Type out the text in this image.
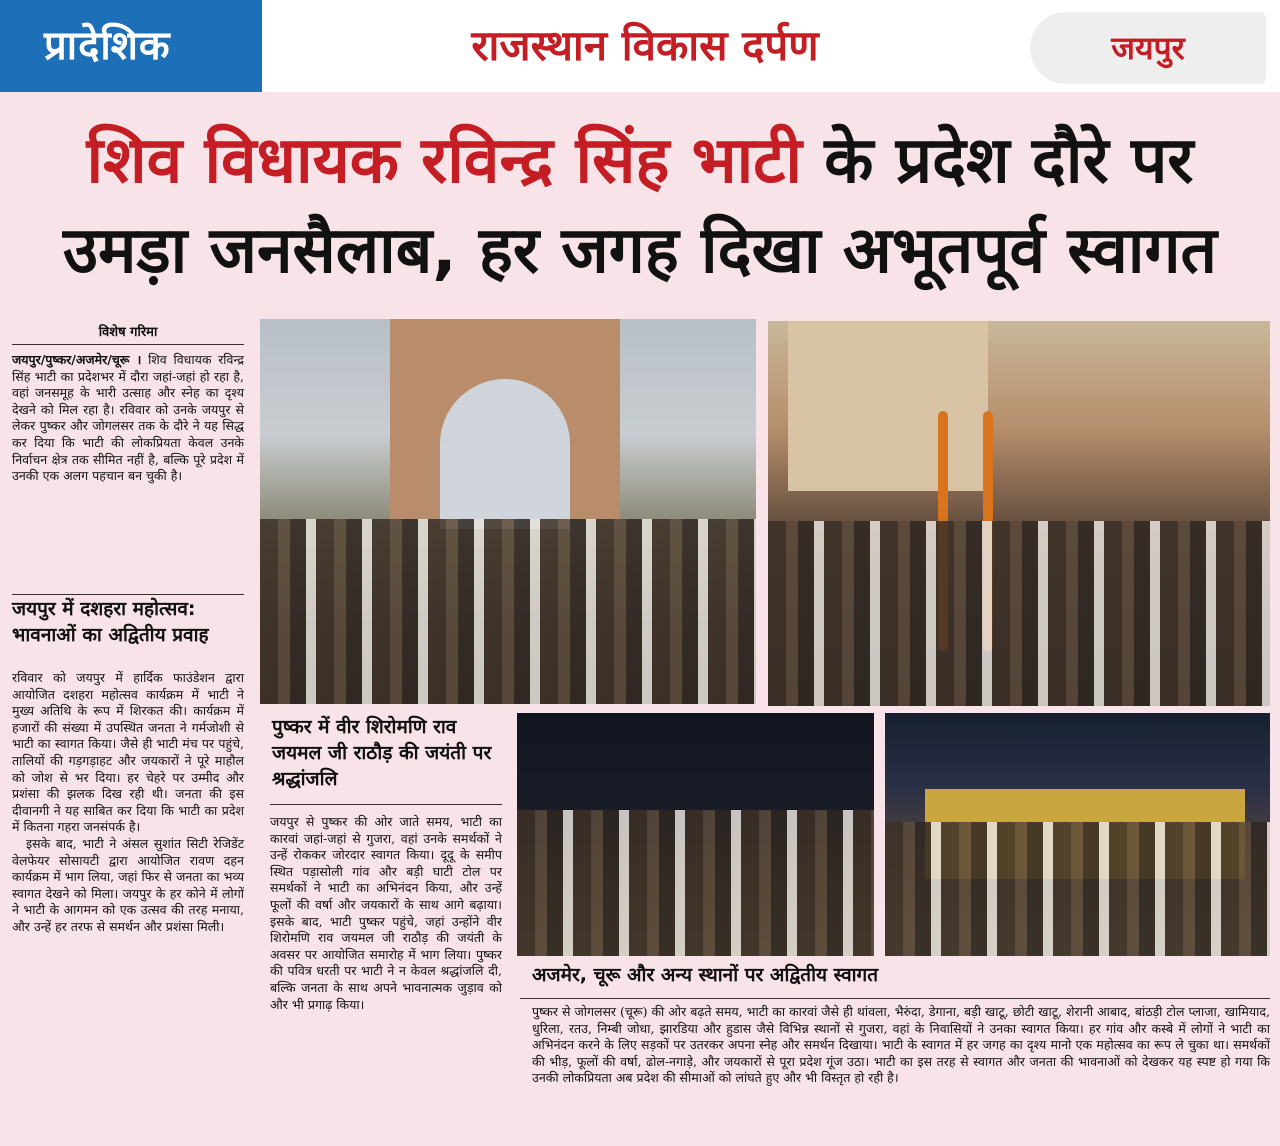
प्रादेशिक	राजस्थान विकास दर्पण	जयपुर
शिव विधायक रविन्द्र सिंह भाटी के प्रदेश दौरे पर
उमड़ा जनसैलाब, हर जगह दिखा अभूतपूर्व स्वागत
विशेष गरिमा

जयपुर/पुष्कर/अजमेर/चूरू । शिव विधायक रविन्द्र सिंह भाटी का प्रदेशभर में दौरा जहां-जहां हो रहा है, वहां जनसमूह के भारी उत्साह और स्नेह का दृश्य देखने को मिल रहा है। रविवार को उनके जयपुर से लेकर पुष्कर और जोगलसर तक के दौरे ने यह सिद्ध कर दिया कि भाटी की लोकप्रियता केवल उनके निर्वाचन क्षेत्र तक सीमित नहीं है, बल्कि पूरे प्रदेश में उनकी एक अलग पहचान बन चुकी है।

जयपुर में दशहरा महोत्सव: भावनाओं का अद्वितीय प्रवाह

रविवार को जयपुर में हार्दिक फाउंडेशन द्वारा आयोजित दशहरा महोत्सव कार्यक्रम में भाटी ने मुख्य अतिथि के रूप में शिरकत की। कार्यक्रम में हजारों की संख्या में उपस्थित जनता ने गर्मजोशी से भाटी का स्वागत किया। जैसे ही भाटी मंच पर पहुंचे, तालियों की गड़गड़ाहट और जयकारों ने पूरे माहौल को जोश से भर दिया। हर चेहरे पर उम्मीद और प्रशंसा की झलक दिख रही थी। जनता की इस दीवानगी ने यह साबित कर दिया कि भाटी का प्रदेश में कितना गहरा जनसंपर्क है।

इसके बाद, भाटी ने अंसल सुशांत सिटी रेजिडेंट वेलफेयर सोसायटी द्वारा आयोजित रावण दहन कार्यक्रम में भाग लिया, जहां फिर से जनता का भव्य स्वागत देखने को मिला। जयपुर के हर कोने में लोगों ने भाटी के आगमन को एक उत्सव की तरह मनाया, और उन्हें हर तरफ से समर्थन और प्रशंसा मिली।

पुष्कर में वीर शिरोमणि राव जयमल जी राठौड़ की जयंती पर श्रद्धांजलि

जयपुर से पुष्कर की ओर जाते समय, भाटी का कारवां जहां-जहां से गुजरा, वहां उनके समर्थकों ने उन्हें रोककर जोरदार स्वागत किया। दूदू के समीप स्थित पड़ासोली गांव और बड़ी घाटी टोल पर समर्थकों ने भाटी का अभिनंदन किया, और उन्हें फूलों की वर्षा और जयकारों के साथ आगे बढ़ाया। इसके बाद, भाटी पुष्कर पहुंचे, जहां उन्होंने वीर शिरोमणि राव जयमल जी राठौड़ की जयंती के अवसर पर आयोजित समारोह में भाग लिया। पुष्कर की पवित्र धरती पर भाटी ने न केवल श्रद्धांजलि दी, बल्कि जनता के साथ अपने भावनात्मक जुड़ाव को और भी प्रगाढ़ किया।

अजमेर, चूरू और अन्य स्थानों पर अद्वितीय स्वागत

पुष्कर से जोगलसर (चूरू) की ओर बढ़ते समय, भाटी का कारवां जैसे ही थांवला, भैरुंदा, डेगाना, बड़ी खाटू, छोटी खाटू, शेरानी आबाद, बांठड़ी टोल प्लाजा, खामियाद, धुरिला, रतउ, निम्बी जोधा, झारडिया और हुडास जैसे विभिन्न स्थानों से गुजरा, वहां के निवासियों ने उनका स्वागत किया। हर गांव और कस्बे में लोगों ने भाटी का अभिनंदन करने के लिए सड़कों पर उतरकर अपना स्नेह और समर्थन दिखाया। भाटी के स्वागत में हर जगह का दृश्य मानो एक महोत्सव का रूप ले चुका था। समर्थकों की भीड़, फूलों की वर्षा, ढोल-नगाड़े, और जयकारों से पूरा प्रदेश गूंज उठा। भाटी का इस तरह से स्वागत और जनता की भावनाओं को देखकर यह स्पष्ट हो गया कि उनकी लोकप्रियता अब प्रदेश की सीमाओं को लांघते हुए और भी विस्तृत हो रही है।
